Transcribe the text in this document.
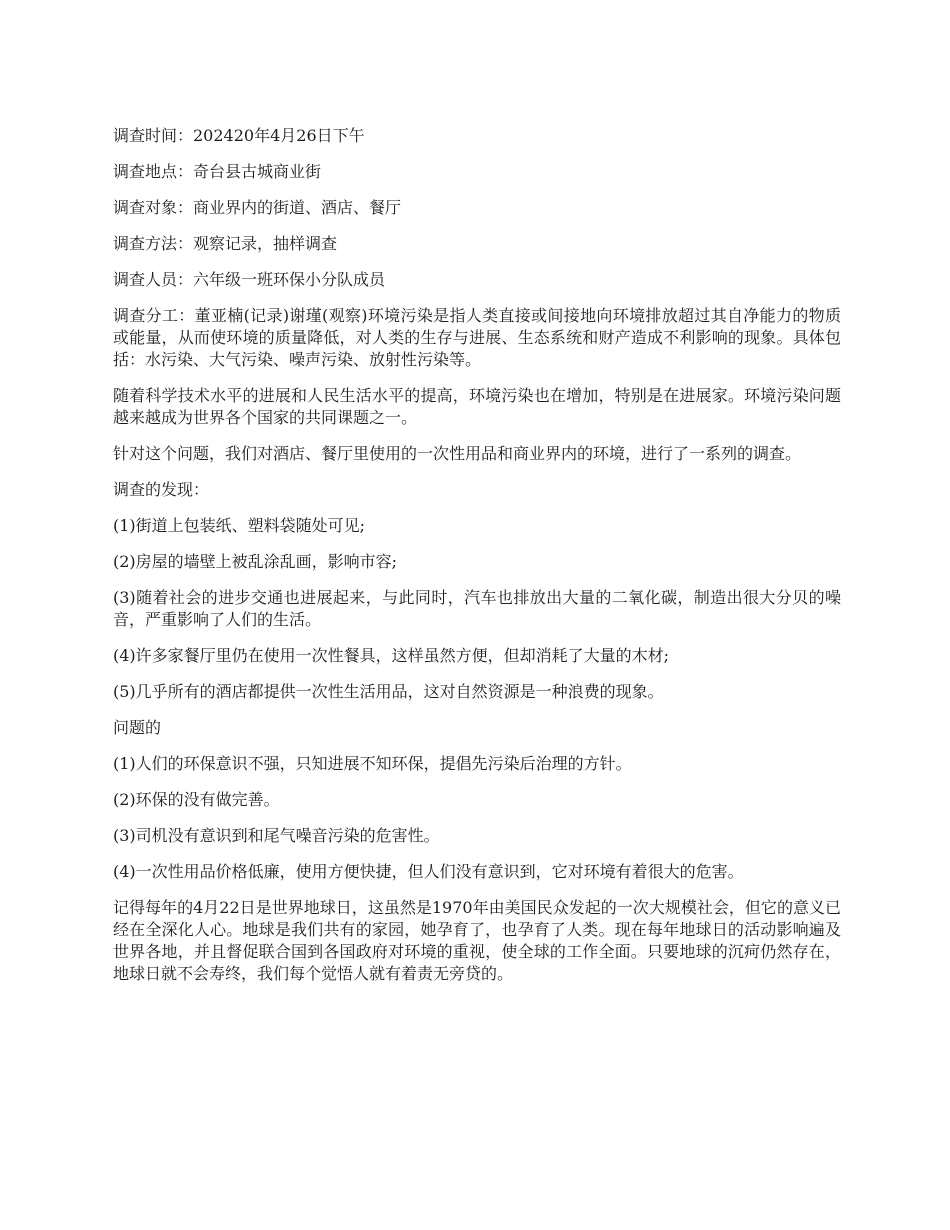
调查时间：202420年4月26日下午

调查地点：奇台县古城商业街

调查对象：商业界内的街道、酒店、餐厅

调查方法：观察记录，抽样调查

调查人员：六年级一班环保小分队成员

调查分工：董亚楠(记录)谢瑾(观察)环境污染是指人类直接或间接地向环境排放超过其自净能力的物质或能量，从而使环境的质量降低，对人类的生存与进展、生态系统和财产造成不利影响的现象。具体包括：水污染、大气污染、噪声污染、放射性污染等。

随着科学技术水平的进展和人民生活水平的提高，环境污染也在增加，特别是在进展家。环境污染问题越来越成为世界各个国家的共同课题之一。

针对这个问题，我们对酒店、餐厅里使用的一次性用品和商业界内的环境，进行了一系列的调查。

调查的发现：

(1)街道上包装纸、塑料袋随处可见;

(2)房屋的墙壁上被乱涂乱画，影响市容;

(3)随着社会的进步交通也进展起来，与此同时，汽车也排放出大量的二氧化碳，制造出很大分贝的噪音，严重影响了人们的生活。

(4)许多家餐厅里仍在使用一次性餐具，这样虽然方便，但却消耗了大量的木材;

(5)几乎所有的酒店都提供一次性生活用品，这对自然资源是一种浪费的现象。

问题的

(1)人们的环保意识不强，只知进展不知环保，提倡先污染后治理的方针。

(2)环保的没有做完善。

(3)司机没有意识到和尾气噪音污染的危害性。

(4)一次性用品价格低廉，使用方便快捷，但人们没有意识到，它对环境有着很大的危害。

记得每年的4月22日是世界地球日，这虽然是1970年由美国民众发起的一次大规模社会，但它的意义已经在全深化人心。地球是我们共有的家园，她孕育了，也孕育了人类。现在每年地球日的活动影响遍及世界各地，并且督促联合国到各国政府对环境的重视，使全球的工作全面。只要地球的沉疴仍然存在，地球日就不会寿终，我们每个觉悟人就有着责无旁贷的。
